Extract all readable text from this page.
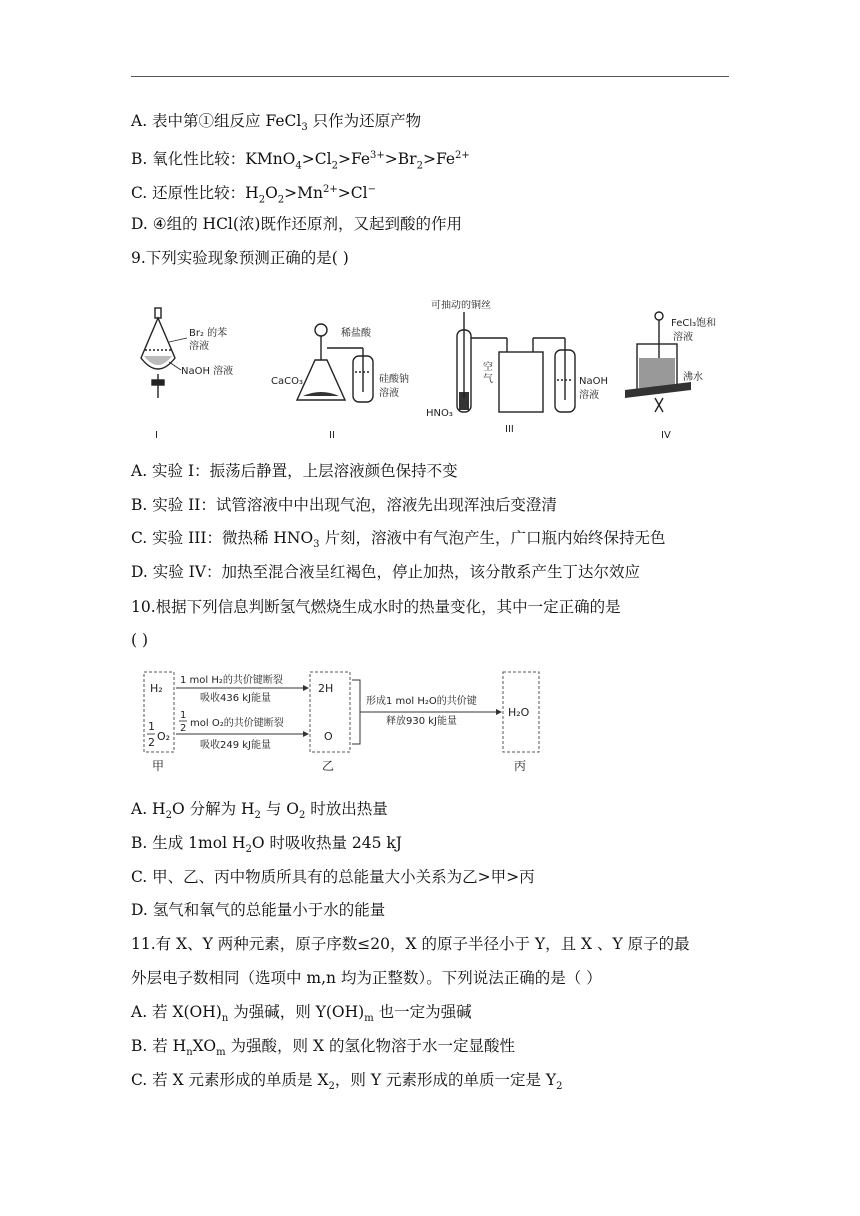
A. 表中第①组反应 FeCl$_3$ 只作为还原产物
B. 氧化性比较：$KMnO_4>Cl_2>Fe^{3+}>Br_2>Fe^{2+}$
C. 还原性比较：$H_2O_2>Mn^{2+}>Cl^-$
D. ④组的 HCl(浓)既作还原剂，又起到酸的作用
9.下列实验现象预测正确的是( )
Br₂ 的苯
溶液
NaOH 溶液
I
稀盐酸
CaCO₃	硅酸钠
溶液
II
可抽动的铜丝
空
气
HNO₃
NaOH
溶液
III
FeCl₃饱和
溶液
沸水
IV
A. 实验 I：振荡后静置，上层溶液颜色保持不变
B. 实验 II：试管溶液中中出现气泡，溶液先出现浑浊后变澄清
C. 实验 III：微热稀 $HNO_3$ 片刻，溶液中有气泡产生，广口瓶内始终保持无色
D. 实验 IV：加热至混合液呈红褐色，停止加热，该分散系产生丁达尔效应
10.根据下列信息判断氢气燃烧生成水时的热量变化，其中一定正确的是
( )
H₂
1
2 O₂
1 mol H₂的共价键断裂
吸收436 kJ能量
1
2 mol O₂的共价键断裂
吸收249 kJ能量
2H
O
形成1 mol H₂O的共价键
释放930 kJ能量
H₂O
甲	乙	丙
A. $H_2O$ 分解为 $H_2$ 与 $O_2$ 时放出热量
B. 生成 1mol $H_2O$ 时吸收热量 245 kJ
C. 甲、乙、丙中物质所具有的总能量大小关系为乙>甲>丙
D. 氢气和氧气的总能量小于水的能量
11.有 X、Y 两种元素，原子序数≤20，X 的原子半径小于 Y，且 X 、Y 原子的最
外层电子数相同（选项中 m,n 均为正整数）。下列说法正确的是（ ）
A. 若 $X(OH)_n$ 为强碱，则 $Y(OH)_m$ 也一定为强碱
B. 若 $H_nXO_m$ 为强酸，则 X 的氢化物溶于水一定显酸性
C. 若 X 元素形成的单质是 $X_2$，则 Y 元素形成的单质一定是 $Y_2$
